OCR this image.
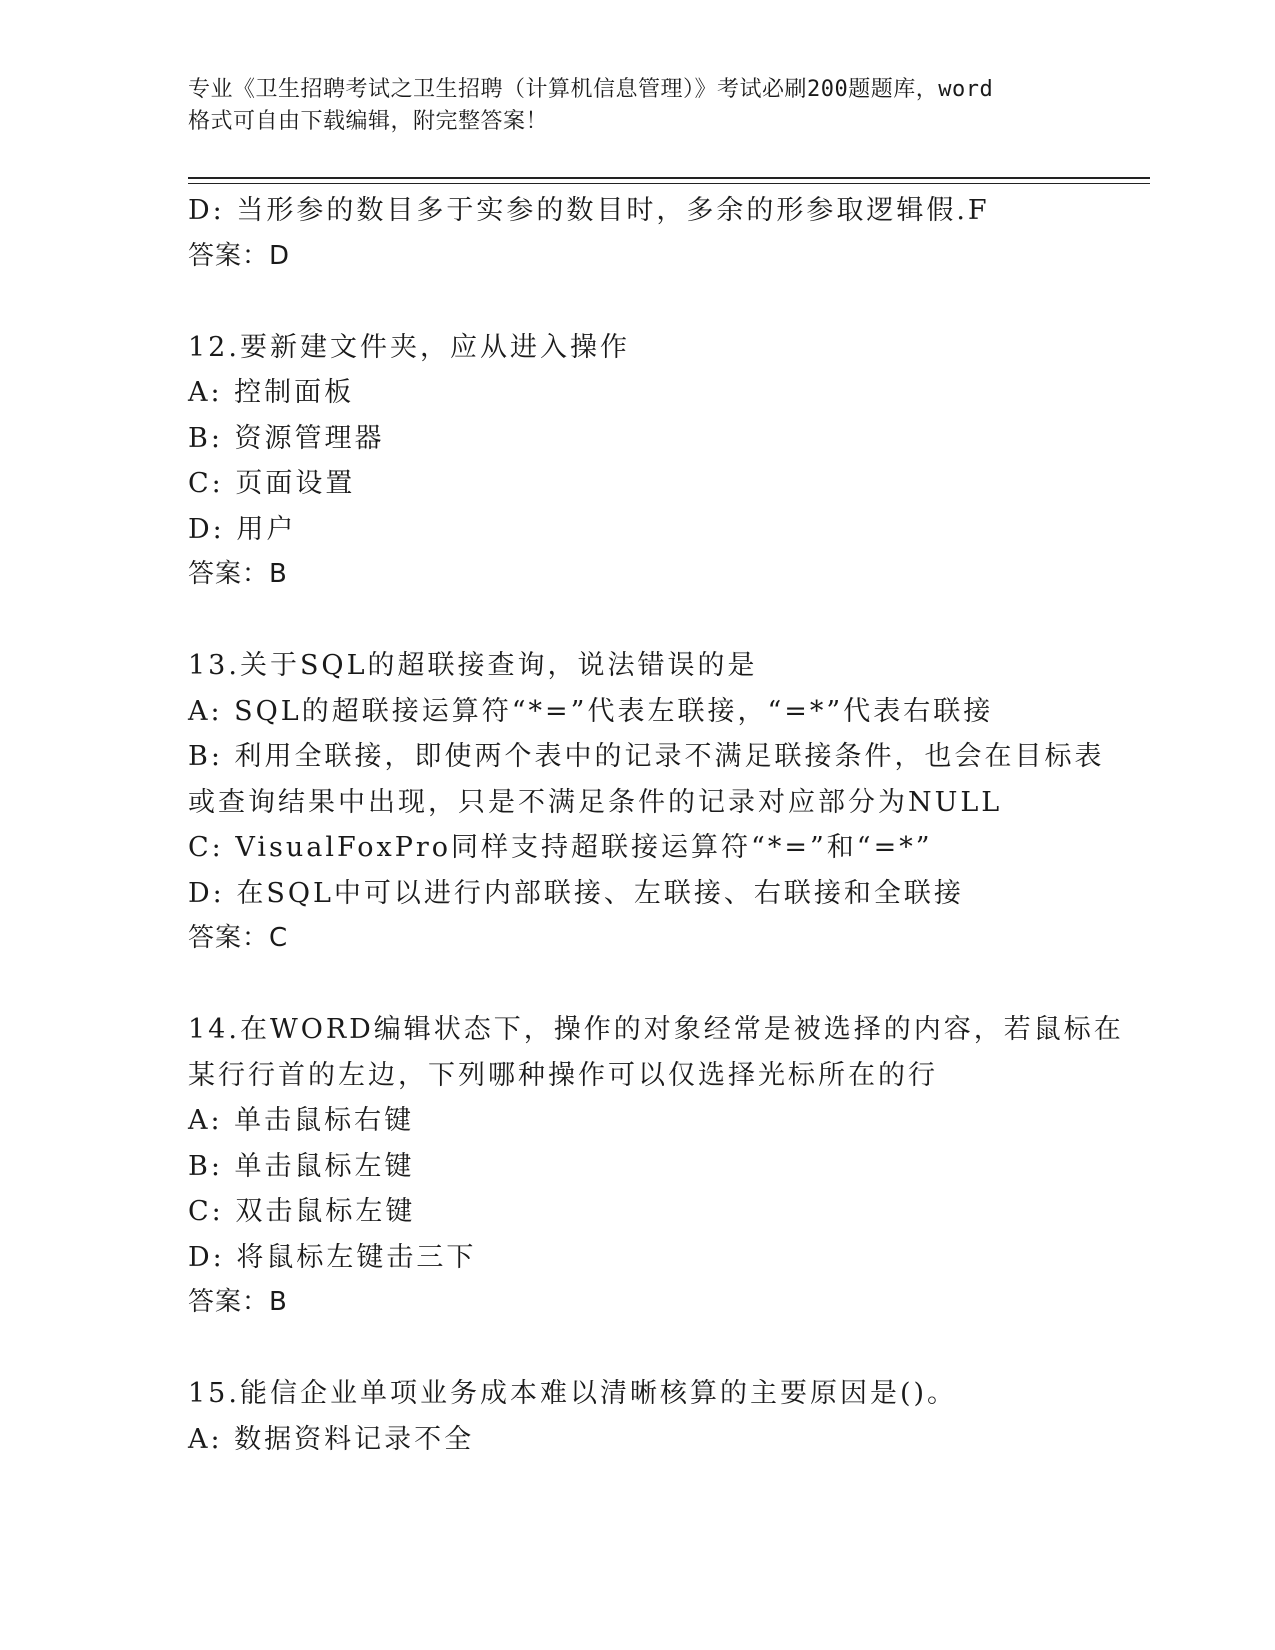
专业《卫生招聘考试之卫生招聘（计算机信息管理）》考试必刷200题题库，word
格式可自由下载编辑，附完整答案！
D: 当形参的数目多于实参的数目时，多余的形参取逻辑假.F
答案：D
12.要新建文件夹，应从进入操作
A: 控制面板
B: 资源管理器
C: 页面设置
D: 用户
答案：B
13.关于SQL的超联接查询，说法错误的是
A: SQL的超联接运算符“*=”代表左联接，“=*”代表右联接
B: 利用全联接，即使两个表中的记录不满足联接条件，也会在目标表
或查询结果中出现，只是不满足条件的记录对应部分为NULL
C: VisualFoxPro同样支持超联接运算符“*=”和“=*”
D: 在SQL中可以进行内部联接、左联接、右联接和全联接
答案：C
14.在WORD编辑状态下，操作的对象经常是被选择的内容，若鼠标在
某行行首的左边，下列哪种操作可以仅选择光标所在的行
A: 单击鼠标右键
B: 单击鼠标左键
C: 双击鼠标左键
D: 将鼠标左键击三下
答案：B
15.能信企业单项业务成本难以清晰核算的主要原因是()。
A: 数据资料记录不全
